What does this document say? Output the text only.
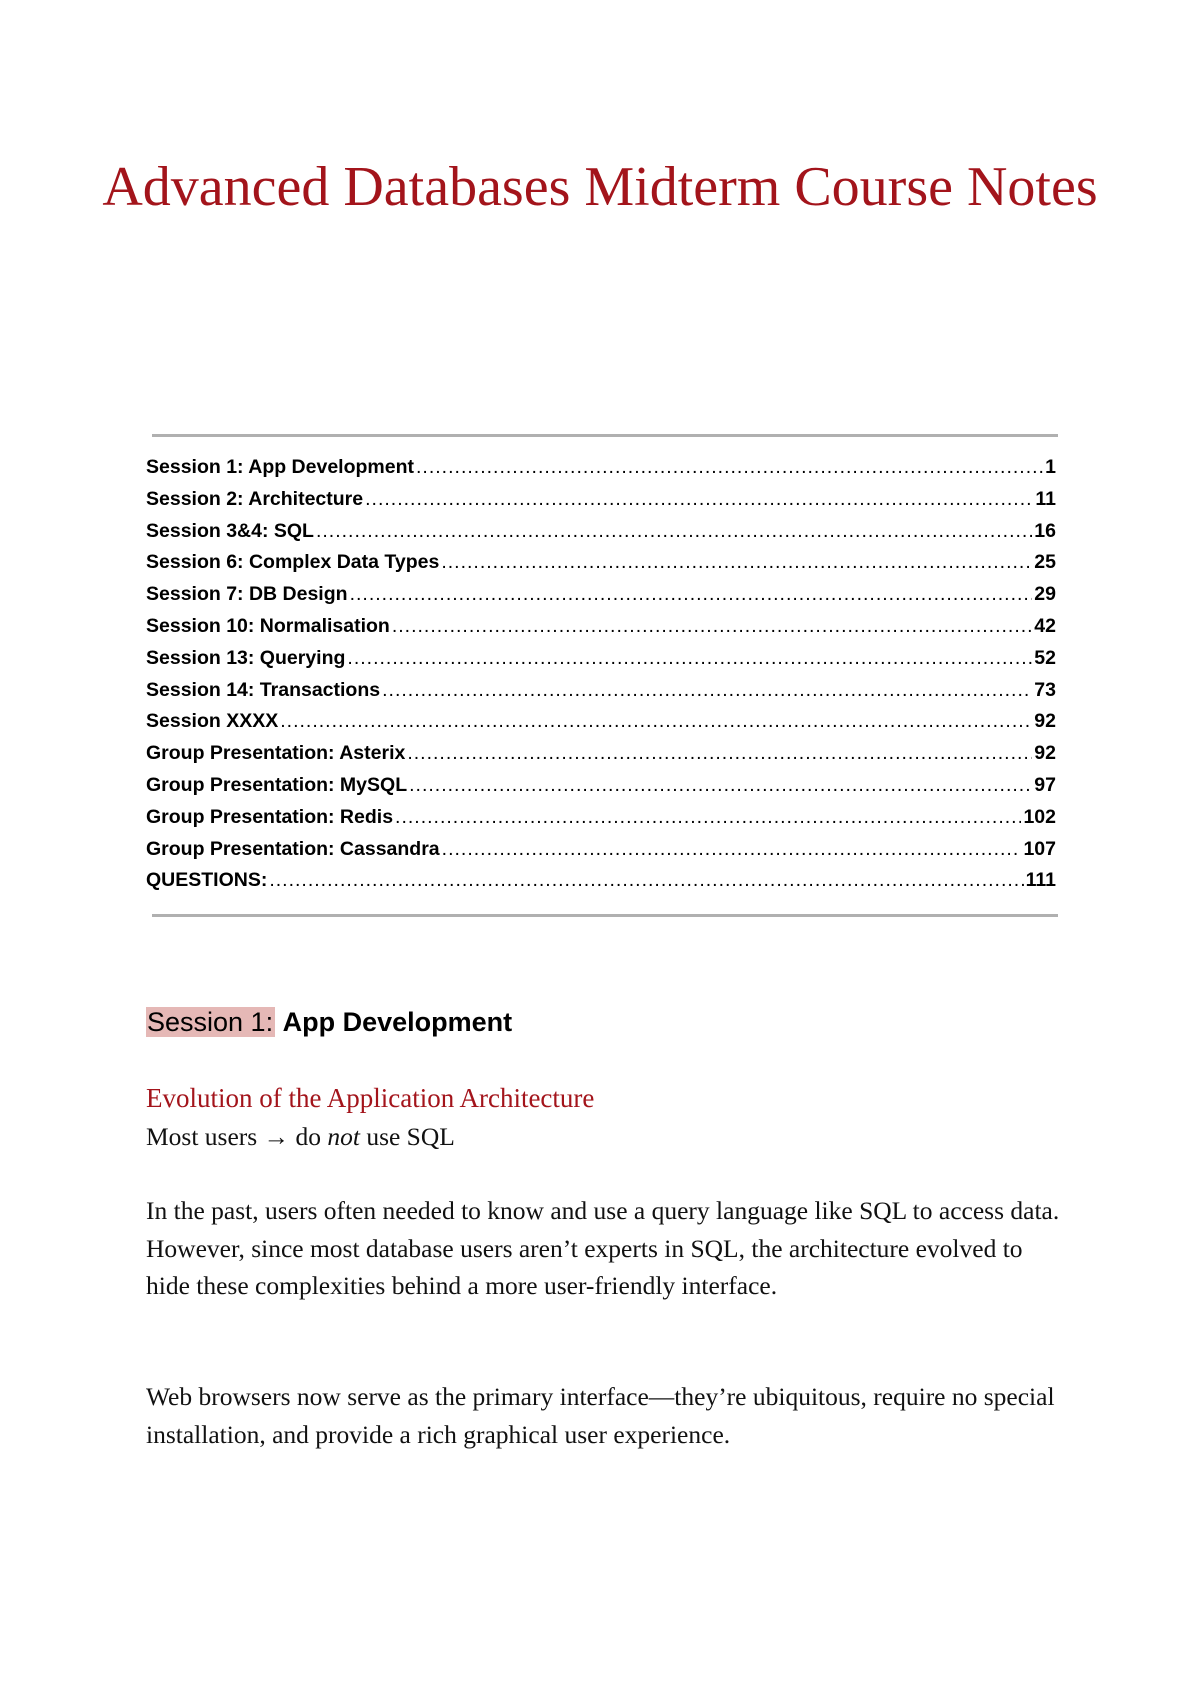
Advanced Databases Midterm Course Notes
Session 1: App Development .....	1
Session 2: Architecture .....	11
Session 3&4: SQL .....	16
Session 6: Complex Data Types .....	25
Session 7: DB Design .....	29
Session 10: Normalisation .....	42
Session 13: Querying .....	52
Session 14: Transactions .....	73
Session XXXX .....	92
Group Presentation: Asterix .....	92
Group Presentation: MySQL .....	97
Group Presentation: Redis .....	102
Group Presentation: Cassandra .....	107
QUESTIONS: .....	111
Session 1: App Development
Evolution of the Application Architecture

Most users → do not use SQL

In the past, users often needed to know and use a query language like SQL to access data. However, since most database users aren’t experts in SQL, the architecture evolved to hide these complexities behind a more user-friendly interface.

Web browsers now serve as the primary interface—they’re ubiquitous, require no special installation, and provide a rich graphical user experience.
